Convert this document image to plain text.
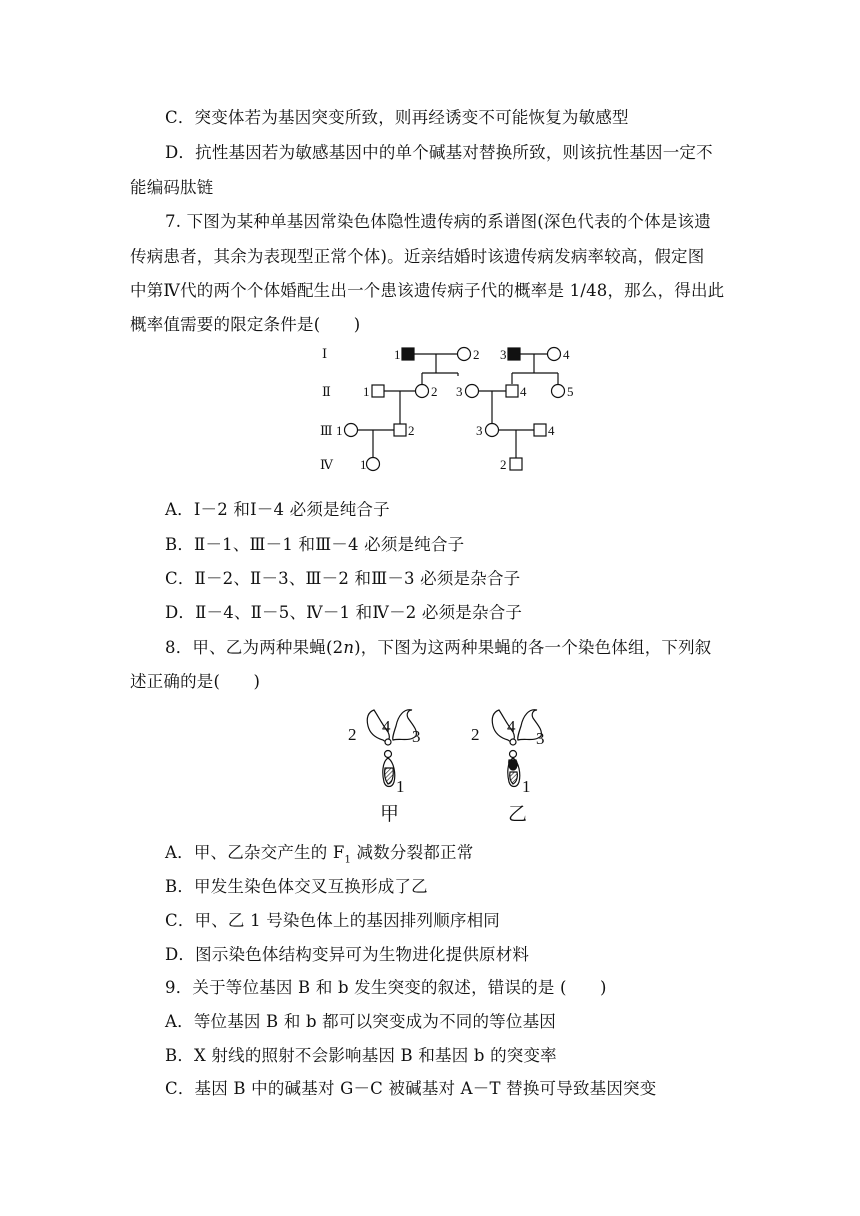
C．突变体若为基因突变所致，则再经诱变不可能恢复为敏感型
D．抗性基因若为敏感基因中的单个碱基对替换所致，则该抗性基因一定不
能编码肽链
7. 下图为某种单基因常染色体隐性遗传病的系谱图(深色代表的个体是该遗
传病患者，其余为表现型正常个体)。近亲结婚时该遗传病发病率较高，假定图
中第Ⅳ代的两个个体婚配生出一个患该遗传病子代的概率是 1/48，那么，得出此
概率值需要的限定条件是(　　)
Ⅰ
Ⅱ
Ⅲ
Ⅳ
1	2 3	4
1	2 3	4	5
1	2	3	4
1	2
A．Ⅰ－2 和Ⅰ－4 必须是纯合子
B．Ⅱ－1、Ⅲ－1 和Ⅲ－4 必须是纯合子
C．Ⅱ－2、Ⅱ－3、Ⅲ－2 和Ⅲ－3 必须是杂合子
D．Ⅱ－4、Ⅱ－5、Ⅳ－1 和Ⅳ－2 必须是杂合子
8．甲、乙为两种果蝇(2n)，下图为这两种果蝇的各一个染色体组，下列叙
述正确的是(　　)
2 4
3
1
2 4
3
1
甲	乙
A．甲、乙杂交产生的 $F_1$ 减数分裂都正常
B．甲发生染色体交叉互换形成了乙
C．甲、乙 1 号染色体上的基因排列顺序相同
D．图示染色体结构变异可为生物进化提供原材料
9．关于等位基因 B 和 b 发生突变的叙述，错误的是 (　　)
A．等位基因 B 和 b 都可以突变成为不同的等位基因
B．X 射线的照射不会影响基因 B 和基因 b 的突变率
C．基因 B 中的碱基对 G－C 被碱基对 A－T 替换可导致基因突变
